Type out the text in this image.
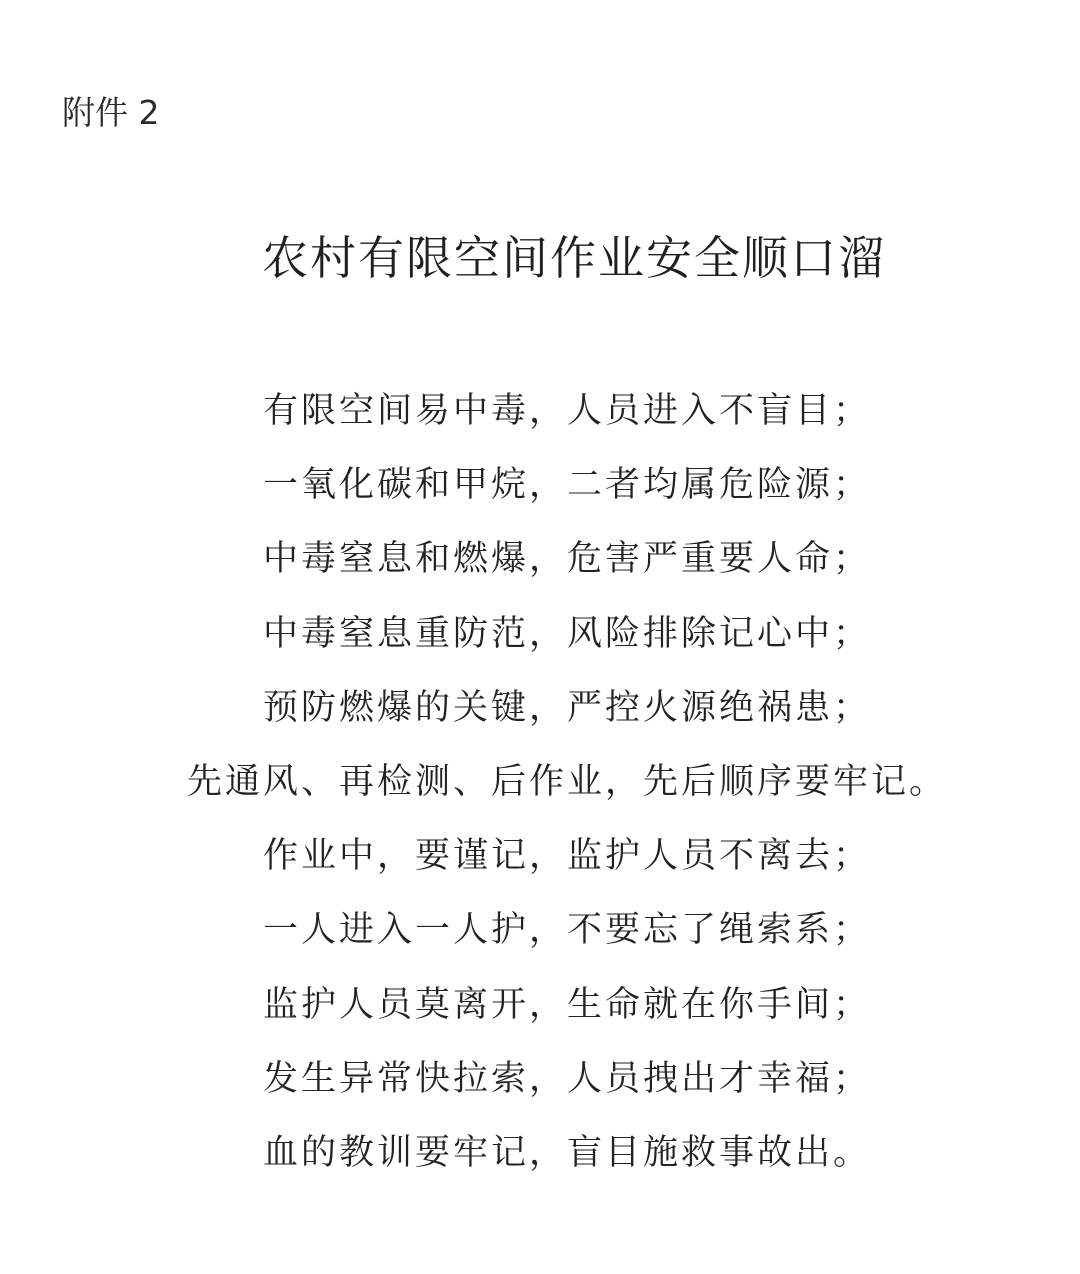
附件 2
农村有限空间作业安全顺口溜
有限空间易中毒，人员进入不盲目；
一氧化碳和甲烷，二者均属危险源；
中毒窒息和燃爆，危害严重要人命；
中毒窒息重防范，风险排除记心中；
预防燃爆的关键，严控火源绝祸患；
先通风、再检测、后作业，先后顺序要牢记。
作业中，要谨记，监护人员不离去；
一人进入一人护，不要忘了绳索系；
监护人员莫离开，生命就在你手间；
发生异常快拉索，人员拽出才幸福；
血的教训要牢记，盲目施救事故出。
